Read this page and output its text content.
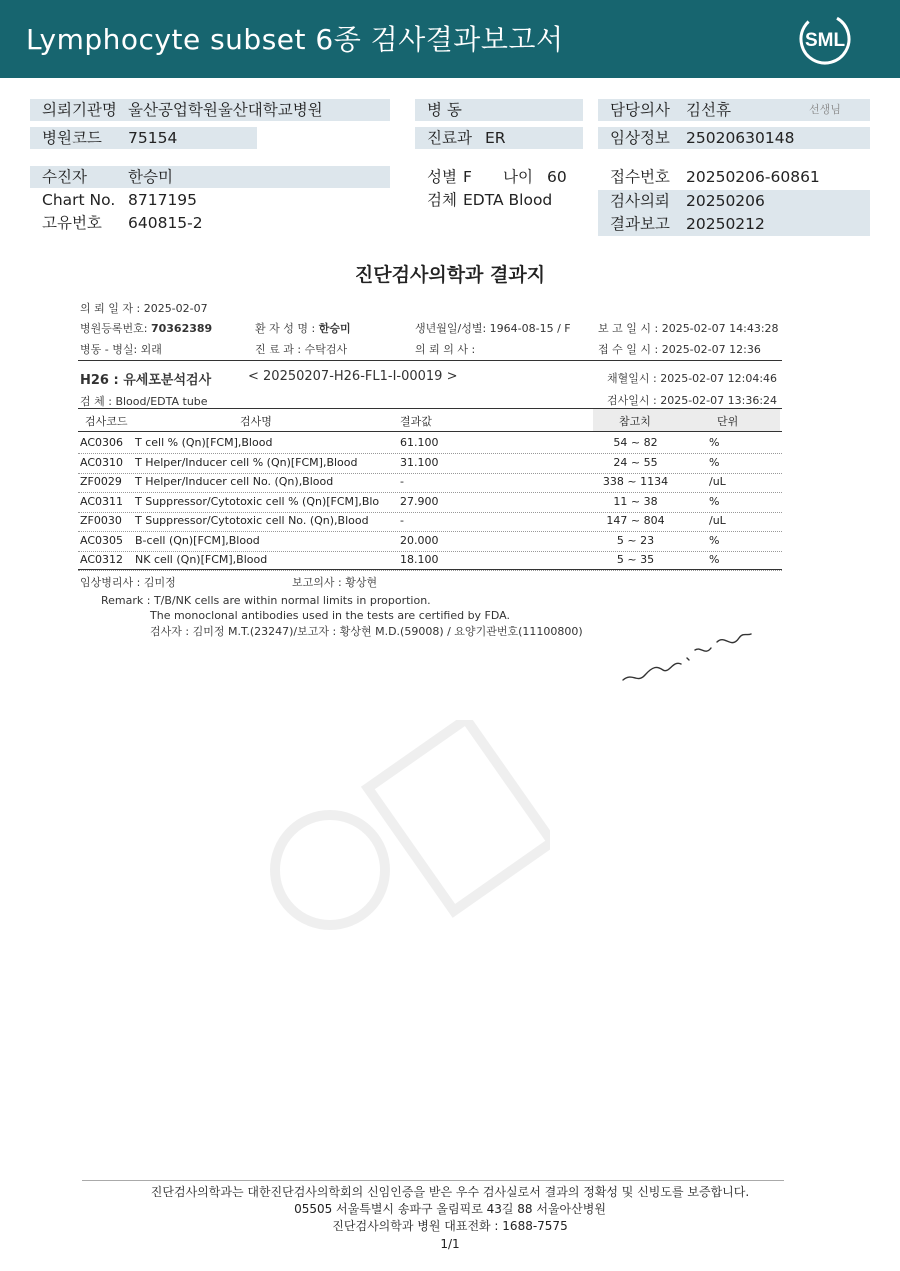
Lymphocyte subset 6종 검사결과보고서	SML
의뢰기관명 울산공업학원울산대학교병원
병원코드 75154
병 동
진료과 ER
담당의사 김선휴	선생님
임상정보 25020630148
수진자	한승미
Chart No. 8717195
고유번호 640815-2
성별 F 나이 60
검체 EDTA Blood
접수번호 20250206-60861
검사의뢰 20250206
결과보고 20250212
진단검사의학과 결과지
의 뢰 일 자 : 2025-02-07
병원등록번호: 70362389	환 자 성 명 : 한승미	생년월일/성별: 1964-08-15 / F 보 고 일 시 : 2025-02-07 14:43:28
병동 - 병실: 외래	진 료 과 : 수탁검사	의 뢰 의 사 :	접 수 일 시 : 2025-02-07 12:36
H26 : 유세포분석검사	< 20250207-H26-FL1-I-00019 >	채혈일시 : 2025-02-07 12:04:46
검 체 : Blood/EDTA tube	검사일시 : 2025-02-07 13:36:24
검사코드	검사명	결과값	참고치	단위
AC0306 T cell % (Qn)[FCM],Blood	61.100	54 ~ 82	%
AC0310 T Helper/Inducer cell % (Qn)[FCM],Blood	31.100	24 ~ 55	%
ZF0029 T Helper/Inducer cell No. (Qn),Blood	-	338 ~ 1134	/uL
AC0311 T Suppressor/Cytotoxic cell % (Qn)[FCM],Blo 27.900	11 ~ 38	%
ZF0030 T Suppressor/Cytotoxic cell No. (Qn),Blood	-	147 ~ 804	/uL
AC0305 B-cell (Qn)[FCM],Blood	20.000	5 ~ 23	%
AC0312 NK cell (Qn)[FCM],Blood	18.100	5 ~ 35	%
임상병리사 : 김미정	보고의사 : 황상현
Remark : T/B/NK cells are within normal limits in proportion.
The monoclonal antibodies used in the tests are certified by FDA.
검사자 : 김미정 M.T.(23247)/보고자 : 황상현 M.D.(59008) / 요양기관번호(11100800)
진단검사의학과는 대한진단검사의학회의 신임인증을 받은 우수 검사실로서 결과의 정확성 및 신빙도를 보증합니다.
05505 서울특별시 송파구 올림픽로 43길 88 서울아산병원
진단검사의학과 병원 대표전화 : 1688-7575
1/1
